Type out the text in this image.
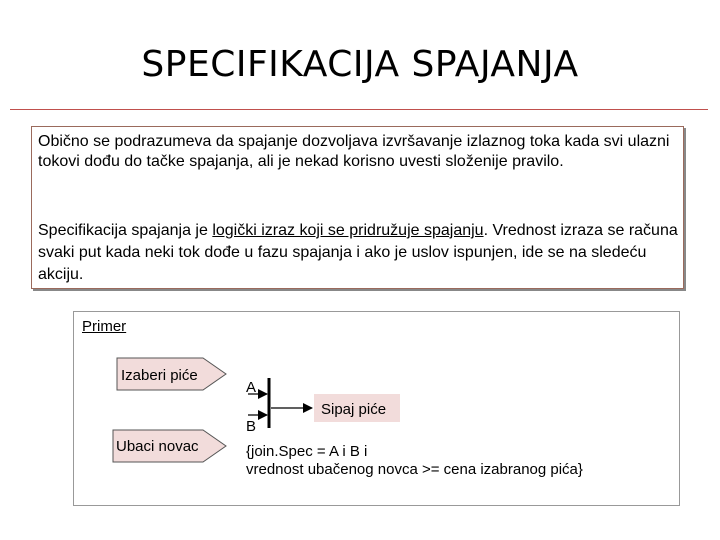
SPECIFIKACIJA SPAJANJA

Obično se podrazumeva da spajanje dozvoljava izvršavanje izlaznog toka kada svi ulazni tokovi dođu do tačke spajanja, ali je nekad korisno uvesti složenije pravilo.

Specifikacija spajanja je logički izraz koji se pridružuje spajanju. Vrednost izraza se računa svaki put kada neki tok dođe u fazu spajanja i ako je uslov ispunjen, ide se na sledeću akciju.

Primer
Izaberi piće
Ubaci novac
Sipaj piće
A
B
{join.Spec = A i B i
vrednost ubačenog novca >= cena izabranog pića}
